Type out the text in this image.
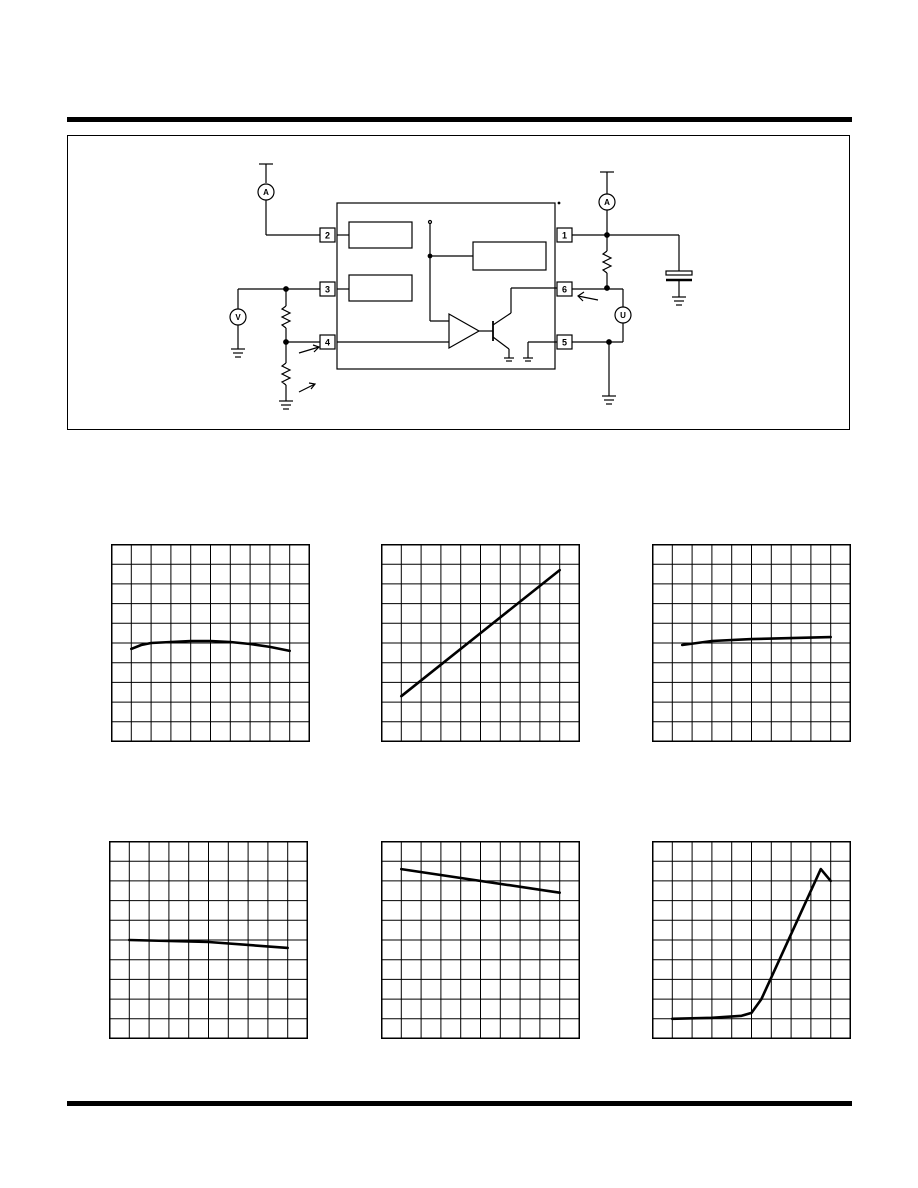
2
3
4
1
6
5
A
A
V	U
